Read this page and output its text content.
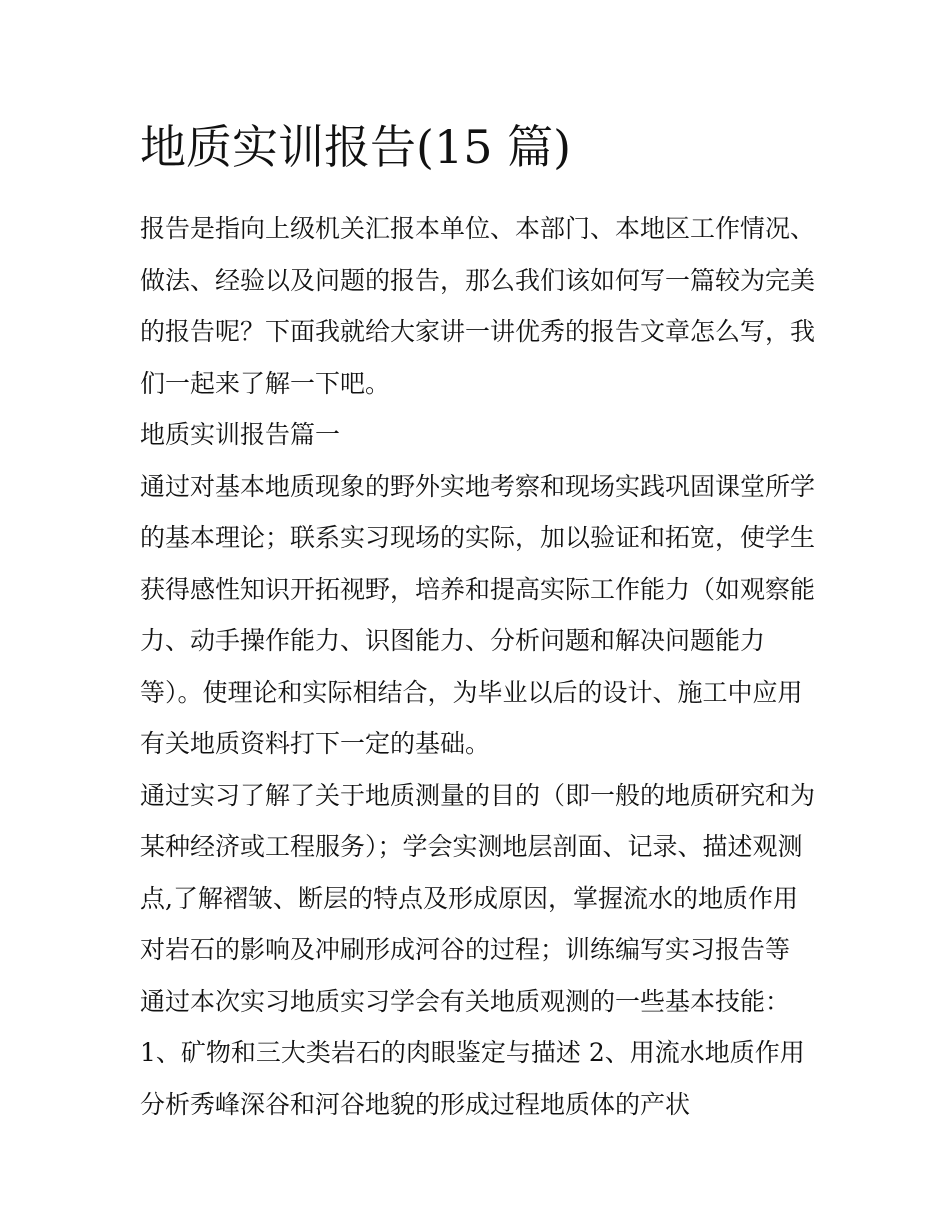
地质实训报告(15 篇)

报告是指向上级机关汇报本单位、本部门、本地区工作情况、

做法、经验以及问题的报告，那么我们该如何写一篇较为完美

的报告呢？下面我就给大家讲一讲优秀的报告文章怎么写，我

们一起来了解一下吧。

地质实训报告篇一

通过对基本地质现象的野外实地考察和现场实践巩固课堂所学

的基本理论；联系实习现场的实际，加以验证和拓宽，使学生

获得感性知识开拓视野，培养和提高实际工作能力（如观察能

力、动手操作能力、识图能力、分析问题和解决问题能力

等）。使理论和实际相结合，为毕业以后的设计、施工中应用

有关地质资料打下一定的基础。

通过实习了解了关于地质测量的目的（即一般的地质研究和为

某种经济或工程服务）；学会实测地层剖面、记录、描述观测

点,了解褶皱、断层的特点及形成原因，掌握流水的地质作用

对岩石的影响及冲刷形成河谷的过程；训练编写实习报告等

通过本次实习地质实习学会有关地质观测的一些基本技能：

1、矿物和三大类岩石的肉眼鉴定与描述 2、用流水地质作用

分析秀峰深谷和河谷地貌的形成过程地质体的产状
